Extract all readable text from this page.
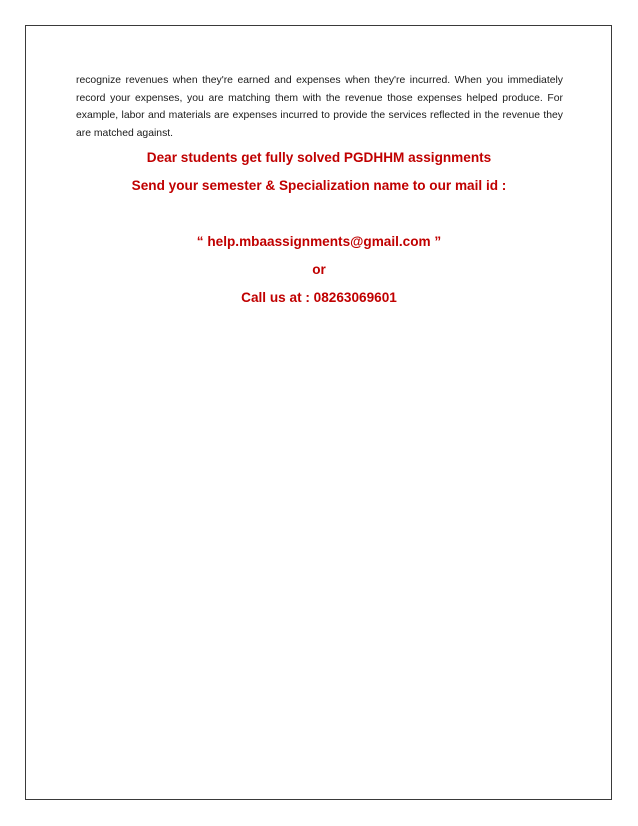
recognize revenues when they're earned and expenses when they're incurred. When you immediately record your expenses, you are matching them with the revenue those expenses helped produce. For example, labor and materials are expenses incurred to provide the services reflected in the revenue they are matched against.

Dear students get fully solved PGDHHM assignments

Send your semester & Specialization name to our mail id :

“ help.mbaassignments@gmail.com ”

or

Call us at : 08263069601
